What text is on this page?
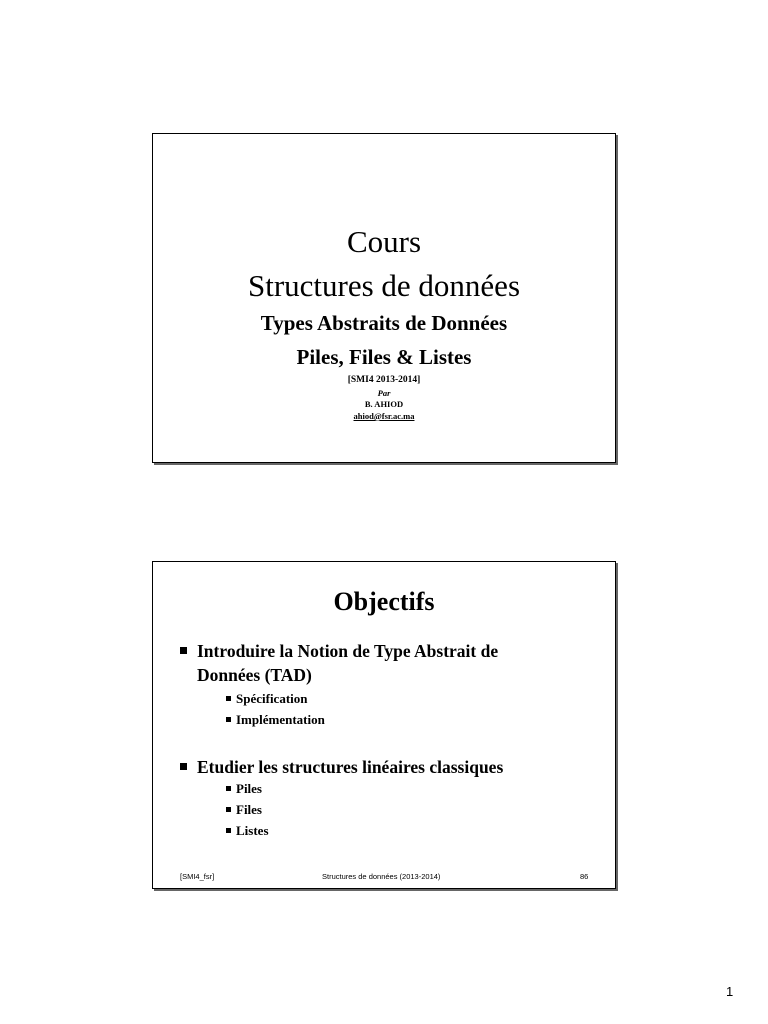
Cours
Structures de données
Types Abstraits de Données
Piles, Files & Listes
[SMI4 2013-2014]
Par
B. AHIOD
ahiod@fsr.ac.ma
Objectifs
Introduire la Notion de Type Abstrait de
Données (TAD)
Spécification
Implémentation
Etudier les structures linéaires classiques
Piles
Files
Listes
[SMI4_fsr]	Structures de données (2013-2014)	86
1
